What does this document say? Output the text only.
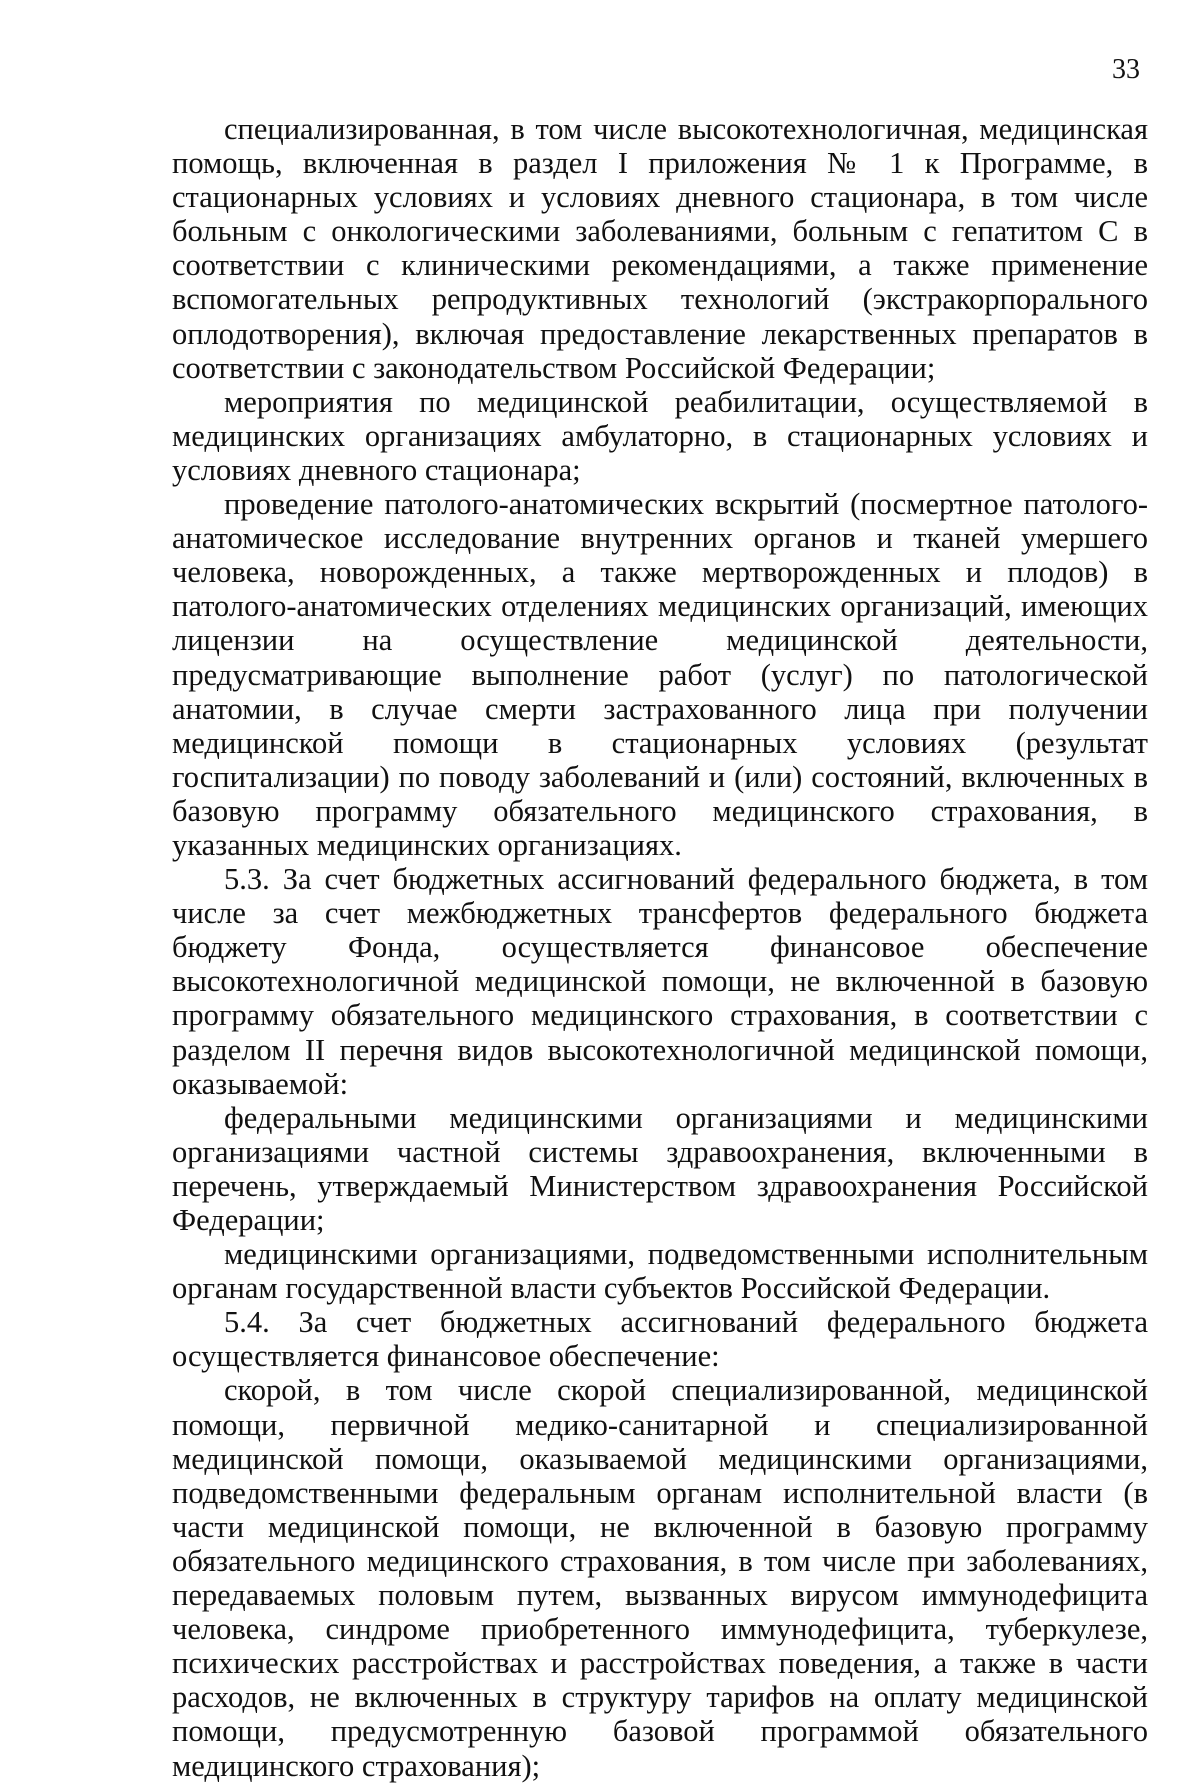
33

специализированная, в том числе высокотехнологичная, медицинская помощь, включенная в раздел I приложения № 1 к Программе, в стационарных условиях и условиях дневного стационара, в том числе больным с онкологическими заболеваниями, больным с гепатитом С в соответствии с клиническими рекомендациями, а также применение вспомогательных репродуктивных технологий (экстракорпорального оплодотворения), включая предоставление лекарственных препаратов в соответствии с законодательством Российской Федерации;

мероприятия по медицинской реабилитации, осуществляемой в медицинских организациях амбулаторно, в стационарных условиях и условиях дневного стационара;

проведение патолого-анатомических вскрытий (посмертное патолого-анатомическое исследование внутренних органов и тканей умершего человека, новорожденных, а также мертворожденных и плодов) в патолого-анатомических отделениях медицинских организаций, имеющих лицензии на осуществление медицинской деятельности, предусматривающие выполнение работ (услуг) по патологической анатомии, в случае смерти застрахованного лица при получении медицинской помощи в стационарных условиях (результат госпитализации) по поводу заболеваний и (или) состояний, включенных в базовую программу обязательного медицинского страхования, в указанных медицинских организациях.

5.3. За счет бюджетных ассигнований федерального бюджета, в том числе за счет межбюджетных трансфертов федерального бюджета бюджету Фонда, осуществляется финансовое обеспечение высокотехнологичной медицинской помощи, не включенной в базовую программу обязательного медицинского страхования, в соответствии с разделом II перечня видов высокотехнологичной медицинской помощи, оказываемой:

федеральными медицинскими организациями и медицинскими организациями частной системы здравоохранения, включенными в перечень, утверждаемый Министерством здравоохранения Российской Федерации;

медицинскими организациями, подведомственными исполнительным органам государственной власти субъектов Российской Федерации.

5.4. За счет бюджетных ассигнований федерального бюджета осуществляется финансовое обеспечение:

скорой, в том числе скорой специализированной, медицинской помощи, первичной медико-санитарной и специализированной медицинской помощи, оказываемой медицинскими организациями, подведомственными федеральным органам исполнительной власти (в части медицинской помощи, не включенной в базовую программу обязательного медицинского страхования, в том числе при заболеваниях, передаваемых половым путем, вызванных вирусом иммунодефицита человека, синдроме приобретенного иммунодефицита, туберкулезе, психических расстройствах и расстройствах поведения, а также в части расходов, не включенных в структуру тарифов на оплату медицинской помощи, предусмотренную базовой программой обязательного медицинского страхования);
